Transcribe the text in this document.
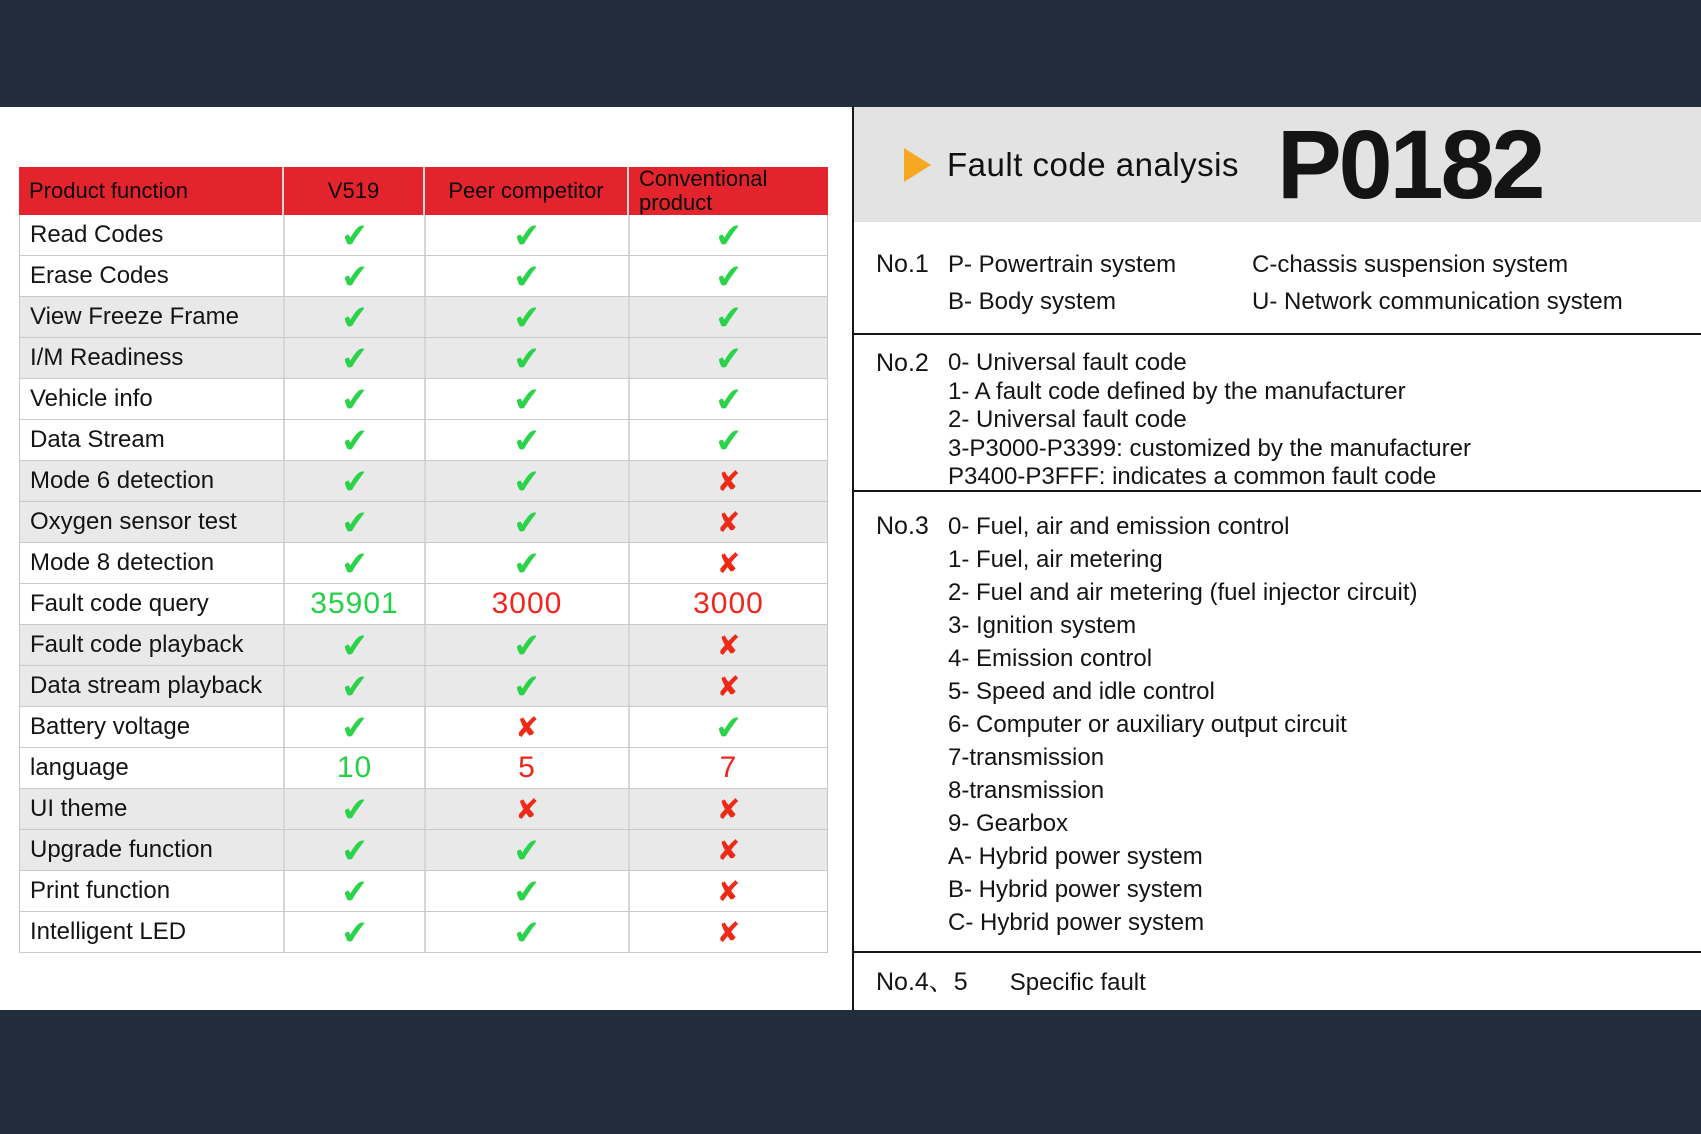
Product function	V519	Peer competitor	Conventional product
Read Codes	✔	✔	✔
Erase Codes	✔	✔	✔
View Freeze Frame	✔	✔	✔
I/M Readiness	✔	✔	✔
Vehicle info	✔	✔	✔
Data Stream	✔	✔	✔
Mode 6 detection	✔	✔	✘
Oxygen sensor test	✔	✔	✘
Mode 8 detection	✔	✔	✘
Fault code query	35901	3000	3000
Fault code playback	✔	✔	✘
Data stream playback	✔	✔	✘
Battery voltage	✔	✘	✔
language	10	5	7
UI theme	✔	✘	✘
Upgrade function	✔	✔	✘
Print function	✔	✔	✘
Intelligent LED	✔	✔	✘
Fault code analysis P0182
No.1 P- Powertrain system	C-chassis suspension system
B- Body system	U- Network communication system
No.2 0- Universal fault code
1- A fault code defined by the manufacturer
2- Universal fault code
3-P3000-P3399: customized by the manufacturer
P3400-P3FFF: indicates a common fault code
No.3 0- Fuel, air and emission control
1- Fuel, air metering
2- Fuel and air metering (fuel injector circuit)
3- Ignition system
4- Emission control
5- Speed and idle control
6- Computer or auxiliary output circuit
7-transmission
8-transmission
9- Gearbox
A- Hybrid power system
B- Hybrid power system
C- Hybrid power system
No.4、5 Specific fault
